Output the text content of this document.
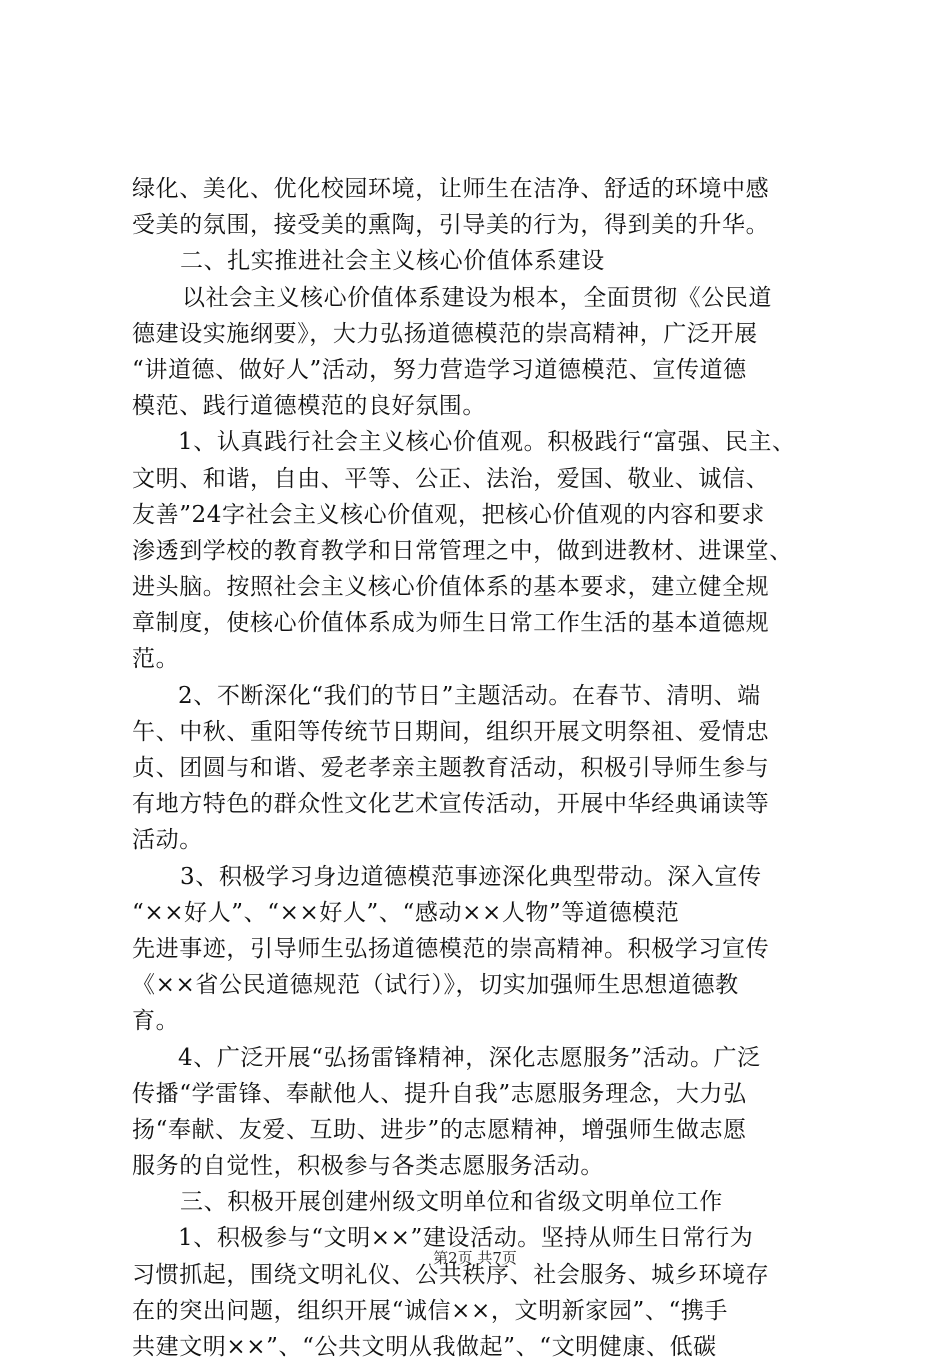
绿化、美化、优化校园环境，让师生在洁净、舒适的环境中感
受美的氛围，接受美的熏陶，引导美的行为，得到美的升华。
二、扎实推进社会主义核心价值体系建设
以社会主义核心价值体系建设为根本，全面贯彻《公民道
德建设实施纲要》，大力弘扬道德模范的崇高精神，广泛开展
“讲道德、做好人”活动，努力营造学习道德模范、宣传道德
模范、践行道德模范的良好氛围。
1、认真践行社会主义核心价值观。积极践行“富强、民主、
文明、和谐，自由、平等、公正、法治，爱国、敬业、诚信、
友善”24字社会主义核心价值观，把核心价值观的内容和要求
渗透到学校的教育教学和日常管理之中，做到进教材、进课堂、
进头脑。按照社会主义核心价值体系的基本要求，建立健全规
章制度，使核心价值体系成为师生日常工作生活的基本道德规
范。
2、不断深化“我们的节日”主题活动。在春节、清明、端
午、中秋、重阳等传统节日期间，组织开展文明祭祖、爱情忠
贞、团圆与和谐、爱老孝亲主题教育活动，积极引导师生参与
有地方特色的群众性文化艺术宣传活动，开展中华经典诵读等
活动。
3、积极学习身边道德模范事迹深化典型带动。深入宣传
“××好人”、“××好人”、“感动××人物”等道德模范
先进事迹，引导师生弘扬道德模范的崇高精神。积极学习宣传
《××省公民道德规范（试行）》，切实加强师生思想道德教
育。
4、广泛开展“弘扬雷锋精神，深化志愿服务”活动。广泛
传播“学雷锋、奉献他人、提升自我”志愿服务理念，大力弘
扬“奉献、友爱、互助、进步”的志愿精神，增强师生做志愿
服务的自觉性，积极参与各类志愿服务活动。
三、积极开展创建州级文明单位和省级文明单位工作
1、积极参与“文明××”建设活动。坚持从师生日常行为
习惯抓起，围绕文明礼仪、公共秩序、社会服务、城乡环境存
在的突出问题，组织开展“诚信××，文明新家园”、“携手
共建文明××”、“公共文明从我做起”、“文明健康、低碳
第2页 共7页
